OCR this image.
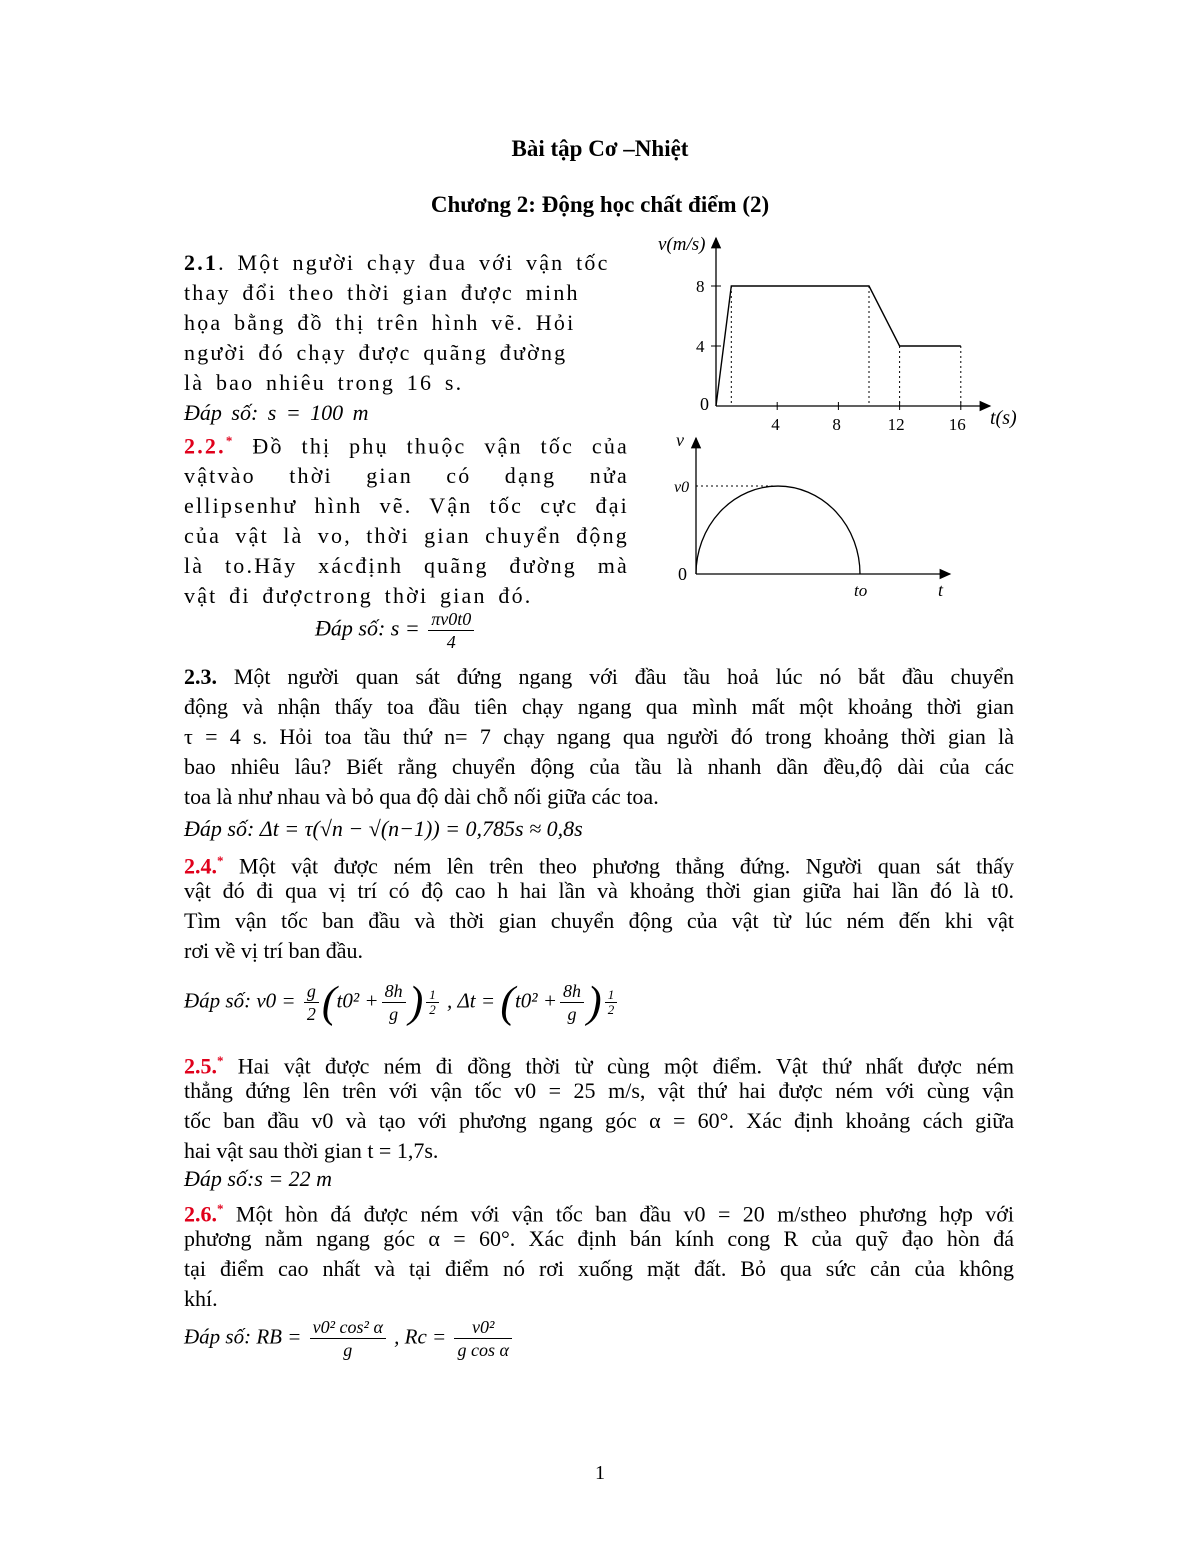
Bài tập Cơ –Nhiệt
Chương 2: Động học chất điểm (2)
2.1. Một người chạy đua với vận tốc
thay đổi theo thời gian được minh
họa bằng đồ thị trên hình vẽ. Hỏi
người đó chạy được quãng đường
là bao nhiêu trong 16 s.
Đáp số: s = 100 m
v(m/s)
t(s)
0
4	8	12	16
4
8
2.2.* Đồ thị phụ thuộc vận tốc của
vậtvào thời gian có dạng nửa
ellipsenhư hình vẽ. Vận tốc cực đại
của vật là vo, thời gian chuyển động
là to.Hãy xácđịnh quãng đường mà
vật đi đượctrong thời gian đó.
Đáp số: $s = \frac{\pi v0t0}{4}$
v
v0
0
to	t
2.3. Một người quan sát đứng ngang với đầu tầu hoả lúc nó bắt đầu chuyển
động và nhận thấy toa đầu tiên chạy ngang qua mình mất một khoảng thời gian
τ = 4 s. Hỏi toa tầu thứ n= 7 chạy ngang qua người đó trong khoảng thời gian là
bao nhiêu lâu? Biết rằng chuyển động của tầu là nhanh dần đều,độ dài của các
toa là như nhau và bỏ qua độ dài chỗ nối giữa các toa.
Đáp số: Δt = τ(√n − √(n−1)) = 0,785s ≈ 0,8s
2.4.* Một vật được ném lên trên theo phương thẳng đứng. Người quan sát thấy
vật đó đi qua vị trí có độ cao h hai lần và khoảng thời gian giữa hai lần đó là t0.
Tìm vận tốc ban đầu và thời gian chuyển động của vật từ lúc ném đến khi vật
rơi về vị trí ban đầu.
Đáp số: $v0 = \frac{g}{2} (t0^2 + \frac{8h}{g}$ ) $\frac{1}{2}$ , $\Delta t = (t0^2 + \frac{8h}{g}$ ) $\frac{1}{2}$
2.5.* Hai vật được ném đi đồng thời từ cùng một điểm. Vật thứ nhất được ném
thẳng đứng lên trên với vận tốc v0 = 25 m/s, vật thứ hai được ném với cùng vận
tốc ban đầu v0 và tạo với phương ngang góc α = 60°. Xác định khoảng cách giữa
hai vật sau thời gian t = 1,7s.
Đáp số:s = 22 m
2.6.* Một hòn đá được ném với vận tốc ban đầu v0 = 20 m/stheo phương hợp với
phương nằm ngang góc α = 60°. Xác định bán kính cong R của quỹ đạo hòn đá
tại điểm cao nhất và tại điểm nó rơi xuống mặt đất. Bỏ qua sức cản của không
khí.
Đáp số: RB = $\frac{\text{v0² cos² α}}{g}$ , $Rc = \frac{\text{v0²}}{\text{g cos α}}$
1
